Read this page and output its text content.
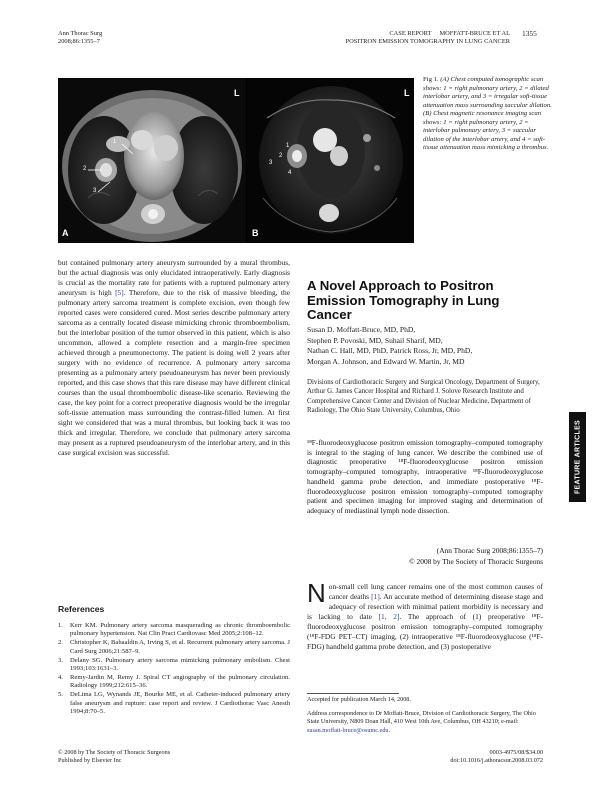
Ann Thorac Surg
2008;86:1355–7
CASE REPORT MOFFATT-BRUCE ET AL
POSITRON EMISSION TOMOGRAPHY IN LUNG CANCER
1355
1
2
3
A
L
1
2
3
4
B
L
Fig 1. (A) Chest computed tomographic scan shows: 1 = right pulmonary artery, 2 = dilated interlobar artery, and 3 = irregular soft-tissue attenuation mass surrounding saccular dilation. (B) Chest magnetic resonance imaging scan shows: 1 = right pulmonary artery, 2 = interlobar pulmonary artery, 3 = saccular dilation of the interlobar artery, and 4 = soft-tissue attenuation mass mimicking a thrombus.
but contained pulmonary artery aneurysm surrounded by a mural thrombus, but the actual diagnosis was only elucidated intraoperatively. Early diagnosis is crucial as the mortality rate for patients with a ruptured pulmonary artery aneurysm is high [5]. Therefore, due to the risk of massive bleeding, the pulmonary artery sarcoma treatment is complete excision, even though few reported cases were considered cured. Most series describe pulmonary artery sarcoma as a centrally located disease mimicking chronic thromboembolism, but the interlobar position of the tumor observed in this patient, which is also uncommon, allowed a complete resection and a margin-free specimen achieved through a pneumonectomy. The patient is doing well 2 years after surgery with no evidence of recurrence. A pulmonary artery sarcoma presenting as a pulmonary artery pseudoaneurysm has never been previously reported, and this case shows that this rare disease may have different clinical courses than the usual thromboembolic disease-like scenario. Reviewing the case, the key point for a correct preoperative diagnosis would be the irregular soft-tissue attenuation mass surrounding the contrast-filled lumen. At first sight we considered that was a mural thrombus, but looking back it was too thick and irregular. Therefore, we conclude that pulmonary artery sarcoma may present as a ruptured pseudoaneurysm of the interlobar artery, and in this case surgical excision was successful.
References
1. Kerr KM. Pulmonary artery sarcoma masquerading as chronic thromboembolic pulmonary hypertension. Nat Clin Pract Cardiovasc Med 2005;2:108–12.
2. Christopher K, Bahaaldin A, Irving S, et al. Recurrent pulmonary artery sarcoma. J Card Surg 2006;21:587–9.
3. Delany SG. Pulmonary artery sarcoma mimicking pulmonary embolism. Chest 1993;103:1631–3.
4. Remy-Jardin M, Remy J. Spiral CT angiography of the pulmonary circulation. Radiology 1999;212:615–36.
5. DeLima LG, Wynands JE, Bourke ME, et al. Catheter-induced pulmonary artery false aneurysm and rupture: case report and review. J Cardiothorac Vasc Anesth 1994;8:70–5.
A Novel Approach to Positron Emission Tomography in Lung Cancer
Susan D. Moffatt-Bruce, MD, PhD,
Stephen P. Povoski, MD, Suhail Sharif, MD,
Nathan C. Hall, MD, PhD, Patrick Ross, Jr, MD, PhD,
Morgan A. Johnson, and Edward W. Martin, Jr, MD
Divisions of Cardiothoracic Surgery and Surgical Oncology, Department of Surgery, Arthur G. James Cancer Hospital and Richard J. Solove Research Institute and Comprehensive Cancer Center and Division of Nuclear Medicine, Department of Radiology, The Ohio State University, Columbus, Ohio
¹⁸F-fluorodeoxyglucose positron emission tomography–computed tomography is integral to the staging of lung cancer. We describe the combined use of diagnostic preoperative ¹⁸F-fluorodeoxyglucose positron emission tomography–computed tomography, intraoperative ¹⁸F-fluorodeoxyglucose handheld gamma probe detection, and immediate postoperative ¹⁸F-fluorodeoxyglucose positron emission tomography–computed tomography patient and specimen imaging for improved staging and determination of adequacy of mediastinal lymph node dissection.
(Ann Thorac Surg 2008;86:1355–7)
© 2008 by The Society of Thoracic Surgeons
Non-small cell lung cancer remains one of the most common causes of cancer deaths [1]. An accurate method of determining disease stage and adequacy of resection with minimal patient morbidity is necessary and is lacking to date [1, 2]. The approach of (1) preoperative ¹⁸F-fluorodeoxyglucose positron emission tomography–computed tomography (¹⁸F-FDG PET–CT) imaging, (2) intraoperative ¹⁸F-fluorodeoxyglucose (¹⁸F-FDG) handheld gamma probe detection, and (3) postoperative
Accepted for publication March 14, 2008.
Address correspondence to Dr Moffatt-Bruce, Division of Cardiothoracic Surgery, The Ohio State University, N809 Doan Hall, 410 West 10th Ave, Columbus, OH 43210; e-mail: susan.moffatt-bruce@osumc.edu.
FEATURE ARTICLES
© 2008 by The Society of Thoracic Surgeons
Published by Elsevier Inc
0003-4975/08/$34.00
doi:10.1016/j.athoracsur.2008.03.072
